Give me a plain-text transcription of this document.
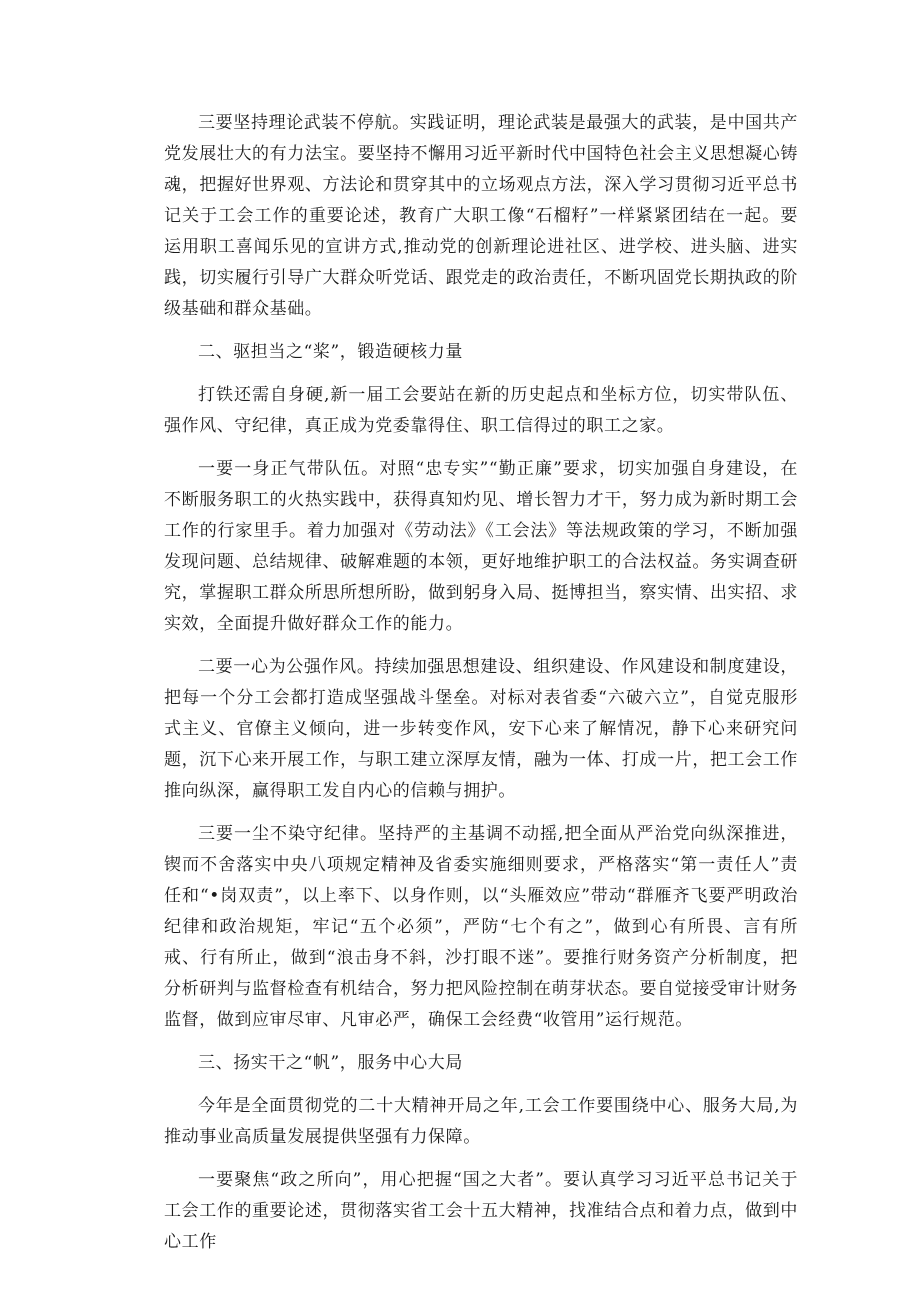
三要坚持理论武装不停航。实践证明，理论武装是最强大的武装，是中国共产党发展壮大的有力法宝。要坚持不懈用习近平新时代中国特色社会主义思想凝心铸魂，把握好世界观、方法论和贯穿其中的立场观点方法，深入学习贯彻习近平总书记关于工会工作的重要论述，教育广大职工像“石榴籽”一样紧紧团结在一起。要运用职工喜闻乐见的宣讲方式,推动党的创新理论进社区、进学校、进头脑、进实践，切实履行引导广大群众听党话、跟党走的政治责任，不断巩固党长期执政的阶级基础和群众基础。

二、驱担当之“桨”，锻造硬核力量

打铁还需自身硬,新一届工会要站在新的历史起点和坐标方位，切实带队伍、强作风、守纪律，真正成为党委靠得住、职工信得过的职工之家。

一要一身正气带队伍。对照“忠专实”“勤正廉”要求，切实加强自身建设，在不断服务职工的火热实践中，获得真知灼见、增长智力才干，努力成为新时期工会工作的行家里手。着力加强对《劳动法》《工会法》等法规政策的学习，不断加强发现问题、总结规律、破解难题的本领，更好地维护职工的合法权益。务实调查研究，掌握职工群众所思所想所盼，做到躬身入局、挺博担当，察实情、出实招、求实效，全面提升做好群众工作的能力。

二要一心为公强作风。持续加强思想建设、组织建设、作风建设和制度建设，把每一个分工会都打造成坚强战斗堡垒。对标对表省委“六破六立”，自觉克服形式主义、官僚主义倾向，进一步转变作风，安下心来了解情况，静下心来研究问题，沉下心来开展工作，与职工建立深厚友情，融为一体、打成一片，把工会工作推向纵深，赢得职工发自内心的信赖与拥护。

三要一尘不染守纪律。坚持严的主基调不动摇,把全面从严治党向纵深推进，锲而不舍落实中央八项规定精神及省委实施细则要求，严格落实“第一责任人”责任和“•岗双责”，以上率下、以身作则，以“头雁效应”带动“群雁齐飞要严明政治纪律和政治规矩，牢记“五个必须”，严防“七个有之”，做到心有所畏、言有所戒、行有所止，做到“浪击身不斜，沙打眼不迷”。要推行财务资产分析制度，把分析研判与监督检查有机结合，努力把风险控制在萌芽状态。要自觉接受审计财务监督，做到应审尽审、凡审必严，确保工会经费“收管用”运行规范。

三、扬实干之“帆”，服务中心大局

今年是全面贯彻党的二十大精神开局之年,工会工作要围绕中心、服务大局,为推动事业高质量发展提供坚强有力保障。

一要聚焦“政之所向”，用心把握“国之大者”。要认真学习习近平总书记关于工会工作的重要论述，贯彻落实省工会十五大精神，找准结合点和着力点，做到中心工作
